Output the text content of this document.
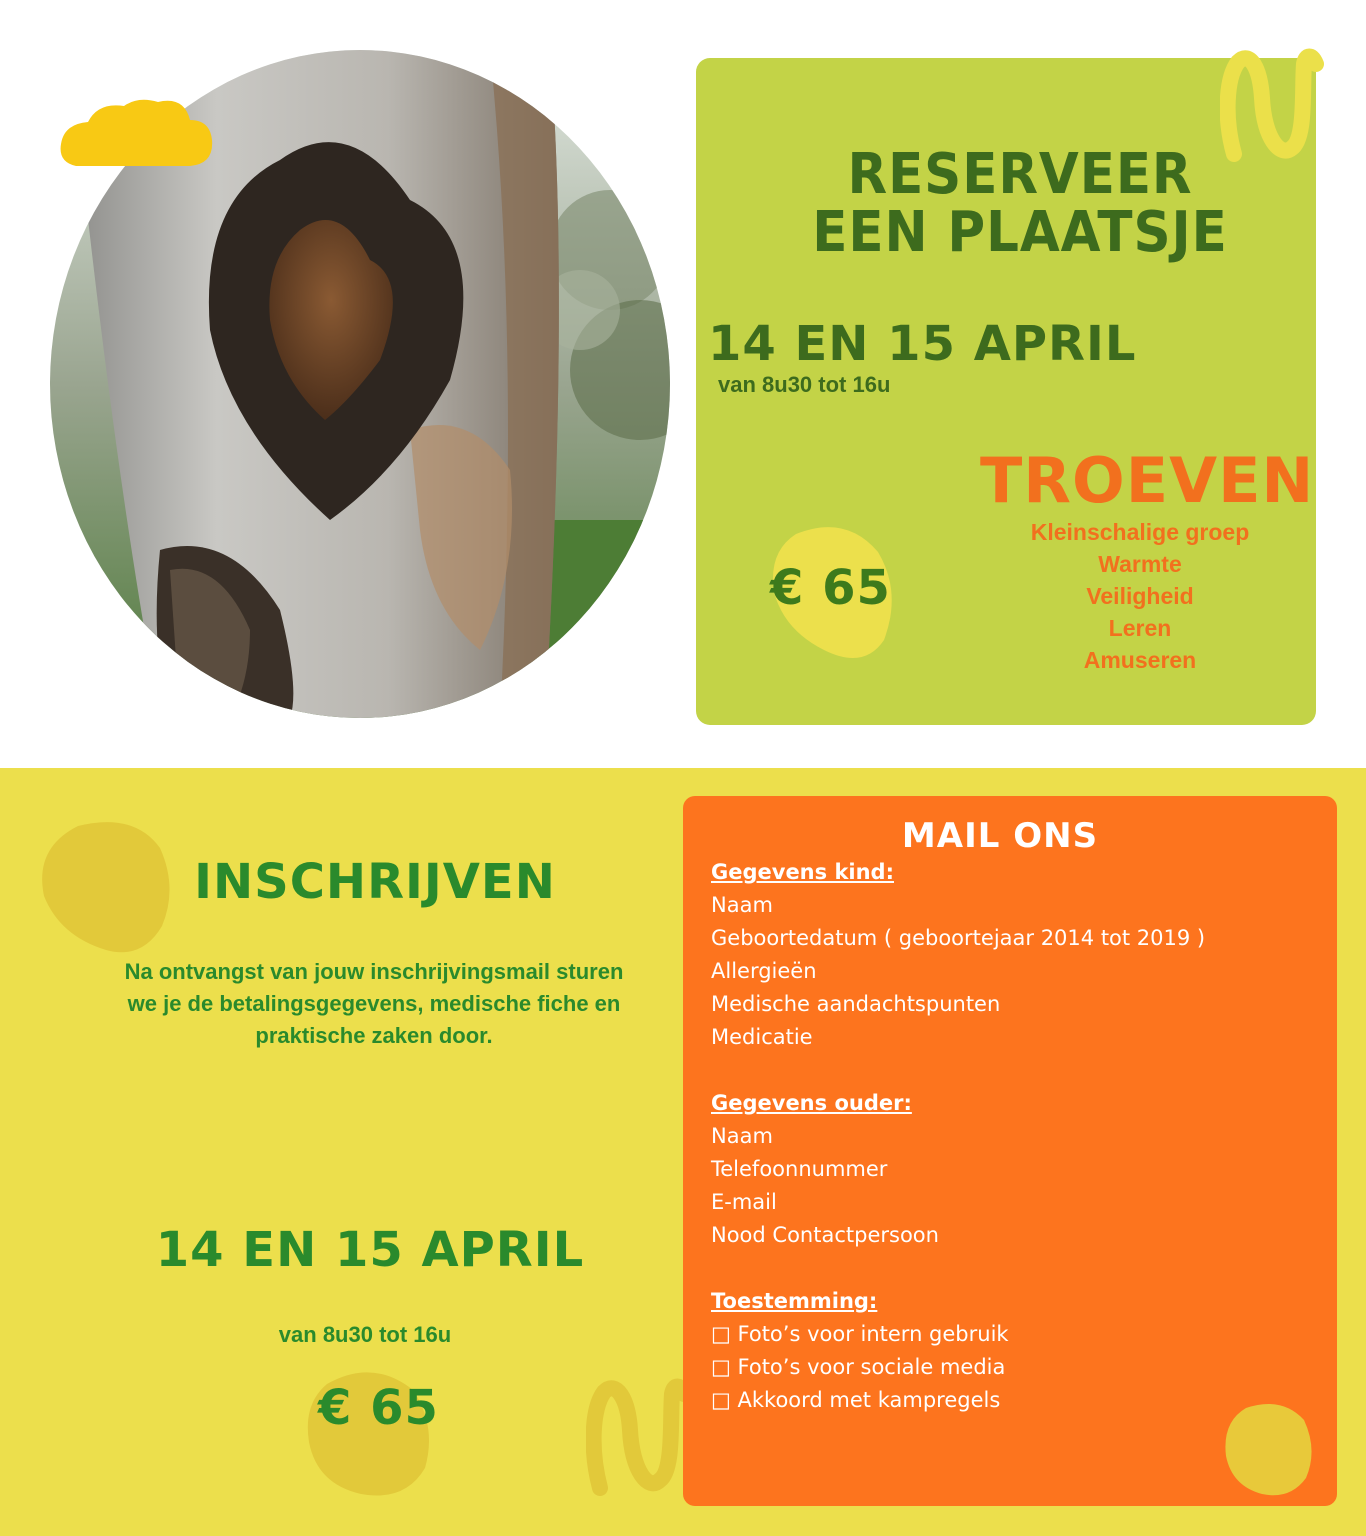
RESERVEER
EEN PLAATSJE
14 EN 15 APRIL
van 8u30 tot 16u
€ 65
TROEVEN
Kleinschalige groep
Warmte
Veiligheid
Leren
Amuseren
INSCHRIJVEN
Na ontvangst van jouw inschrijvingsmail sturen we je de betalingsgegevens, medische fiche en praktische zaken door.
14 EN 15 APRIL
van 8u30 tot 16u
€ 65
MAIL ONS
Gegevens kind:
Naam
Geboortedatum ( geboortejaar 2014 tot 2019 )
Allergieën
Medische aandachtspunten
Medicatie
Gegevens ouder:
Naam
Telefoonnummer
E-mail
Nood Contactpersoon
Toestemming:
□ Foto’s voor intern gebruik
□ Foto’s voor sociale media
□ Akkoord met kampregels
